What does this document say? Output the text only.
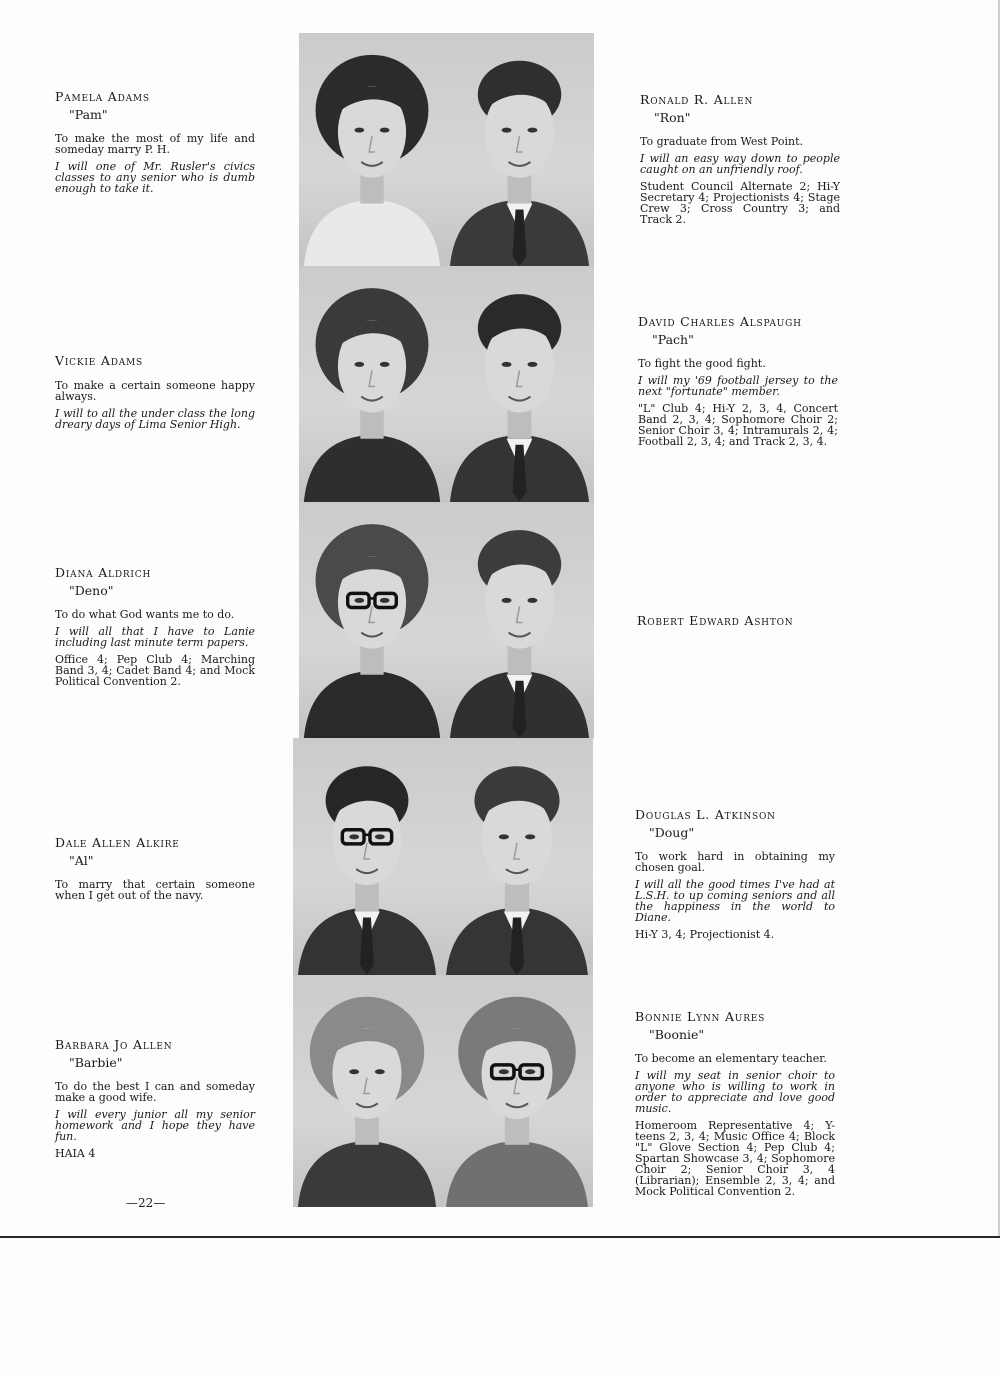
Pamela Adams
"Pam"
To make the most of my life and someday marry P. H.
I will one of Mr. Rusler's civics classes to any senior who is dumb enough to take it.
Vickie Adams
To make a certain someone happy always.
I will to all the under class the long dreary days of Lima Senior High.
Diana Aldrich
"Deno"
To do what God wants me to do.
I will all that I have to Lanie including last minute term papers.
Office 4; Pep Club 4; Marching Band 3, 4; Cadet Band 4; and Mock Political Convention 2.
Dale Allen Alkire
"Al"
To marry that certain someone when I get out of the navy.
Barbara Jo Allen
"Barbie"
To do the best I can and someday make a good wife.
I will every junior all my senior homework and I hope they have fun.
HAIA 4
—22—
Ronald R. Allen
"Ron"
To graduate from West Point.
I will an easy way down to people caught on an unfriendly roof.
Student Council Alternate 2; Hi-Y Secretary 4; Projectionists 4; Stage Crew 3; Cross Country 3; and Track 2.
David Charles Alspaugh
"Pach"
To fight the good fight.
I will my '69 football jersey to the next "fortunate" member.
"L" Club 4; Hi-Y 2, 3, 4, Concert Band 2, 3, 4; Sophomore Choir 2; Senior Choir 3, 4; Intramurals 2, 4; Football 2, 3, 4; and Track 2, 3, 4.
Robert Edward Ashton
Douglas L. Atkinson
"Doug"
To work hard in obtaining my chosen goal.
I will all the good times I've had at L.S.H. to up coming seniors and all the happiness in the world to Diane.
Hi-Y 3, 4; Projectionist 4.
Bonnie Lynn Aures
"Boonie"
To become an elementary teacher.
I will my seat in senior choir to anyone who is willing to work in order to appreciate and love good music.
Homeroom Representative 4; Y-teens 2, 3, 4; Music Office 4; Block "L" Glove Section 4; Pep Club 4; Spartan Showcase 3, 4; Sophomore Choir 2; Senior Choir 3, 4 (Librarian); Ensemble 2, 3, 4; and Mock Political Convention 2.
